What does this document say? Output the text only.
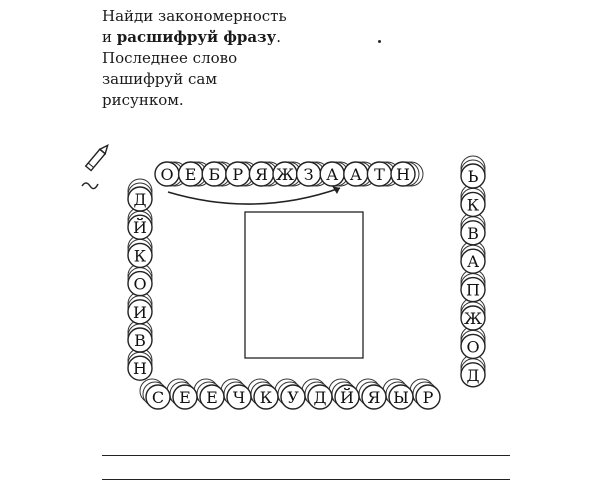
Найди закономерность
и расшифруй фразу.
Последнее слово
зашифруй сам
рисунком.
О Е Б Р Я Ж З А А Т Н
Д
Й
К
О
И
В
Н
Ь
К
В
А
П
Ж
О
Д
С Е Е Ч К У Д Й Я Ы Р
